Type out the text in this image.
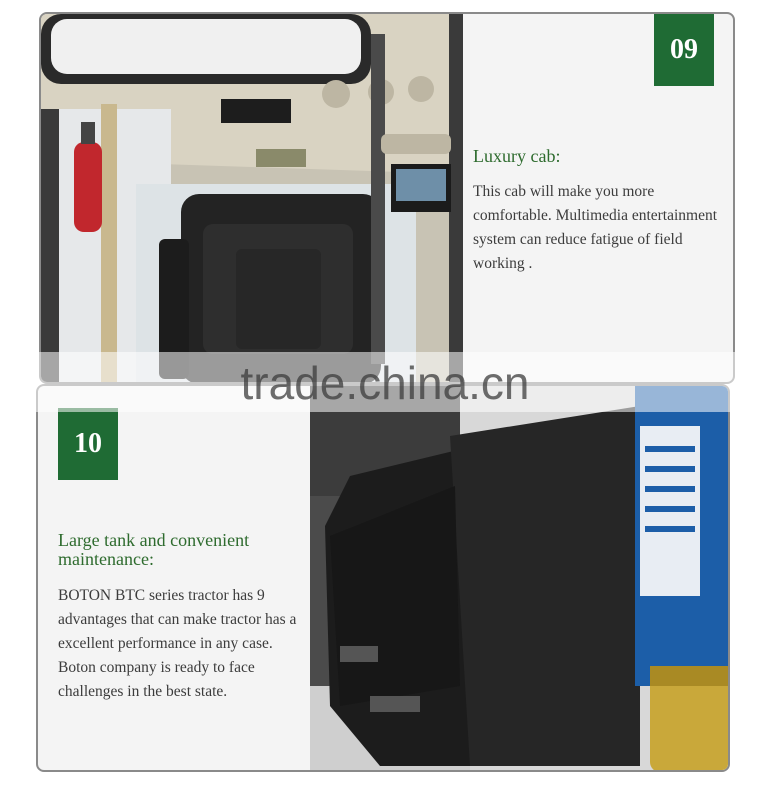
09
Luxury cab:

This cab will make you more comfortable. Multimedia entertainment system can reduce fatigue of field working .

10
Large tank and convenient maintenance:

BOTON BTC series tractor has 9 advantages that can make tractor has a excellent performance in any case. Boton company is ready to face challenges in the best state.

trade.china.cn
